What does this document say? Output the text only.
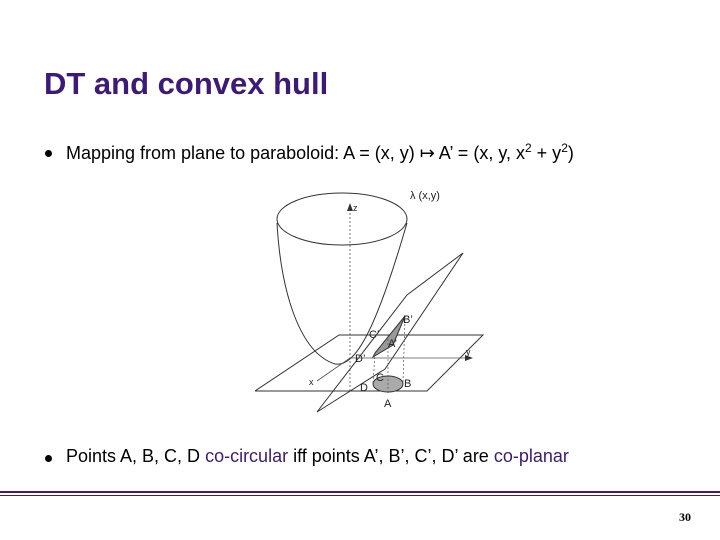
DT and convex hull
Mapping from plane to paraboloid: A = (x, y) ↦ A’ = (x, y, $x^2 + y^2$)
λ (x,y)
z
y
x
B’
C’
A’
D’
D
C B
A
Points A, B, C, D co-circular iff points A’, B’, C’, D’ are co-planar
30
